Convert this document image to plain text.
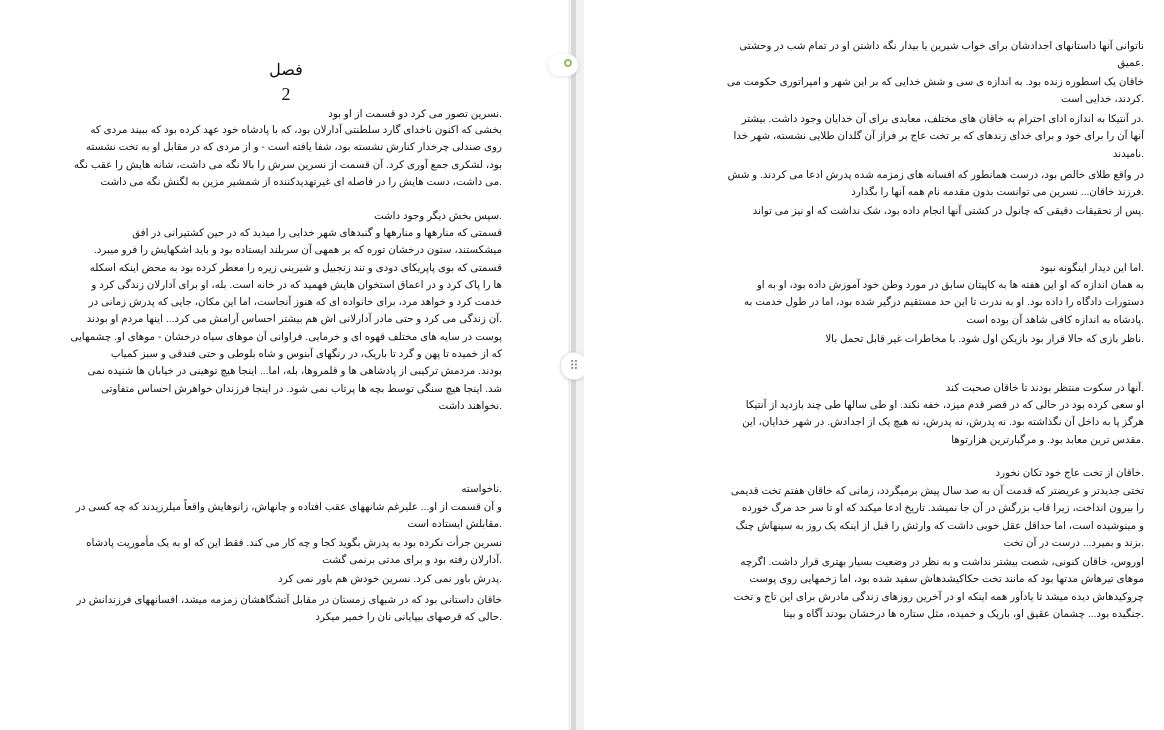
فصل
2
.نسرین تصور می کرد دو قسمت از او بود
بخشی که اکنون ناخدای گارد سلطنتی آدارلان بود، که با پادشاه خود عهد کرده بود که ببیند مردی که
روی صندلی چرخدار کنارش نشسته بود، شفا یافته است - و از مردی که در مقابل او به تخت نشسته
بود، لشکری جمع آوری کرد. آن قسمت از نسرین سرش را بالا نگه می داشت، شانه هایش را عقب نگه
.می داشت، دست هایش را در فاصله ای غیرتهدیدکننده از شمشیر مزین به لگنش نگه می داشت
.سپس بخش دیگر وجود داشت
قسمتی که منارهها و منارهها و گنبدهای شهر خدایی را میدید که در حین کشتیرانی در افق
میشکستند، ستون درخشان توره که بر همهی آن سربلند ایستاده بود و باید اشکهایش را فرو میبرد.
قسمتی که بوی پاپریکای دودی و تند زنجبیل و شیرینی زیره را معطر کرده بود به محض اینکه اسکله
ها را پاک کرد و در اعماق استخوان هایش فهمید که در خانه است. بله، او برای آدارلان زندگی کرد و
خدمت کرد و خواهد مرد، برای خانواده ای که هنوز آنجاست، اما این مکان، جایی که پدرش زمانی در
.آن زندگی می کرد و حتی مادر آدارلانی اش هم بیشتر احساس آرامش می کرد... اینها مردم او بودند
پوست در سایه های مختلف قهوه ای و خرمایی. فراوانی آن موهای سیاه درخشان - موهای او. چشمهایی
که از خمیده تا پهن و گرد تا باریک، در رنگهای آبنوس و شاه بلوطی و حتی فندقی و سبز کمیاب
بودند. مردمش ترکیبی از پادشاهی ها و قلمروها، بله، اما... اینجا هیچ توهینی در خیابان ها شنیده نمی
شد. اینجا هیچ سنگی توسط بچه ها پرتاب نمی شود. در اینجا فرزندان خواهرش احساس متفاوتی
.نخواهند داشت
.ناخواسته
و آن قسمت از او... علیرغم شانههای عقب افتاده و چانهاش، زانوهایش واقعاً میلرزیدند که چه کسی در
.مقابلش ایستاده است
نسرین جرأت نکرده بود به پدرش بگوید کجا و چه کار می کند. فقط این که او به یک مأموریت پادشاه
.آدارلان رفته بود و برای مدتی برنمی گشت
.پدرش باور نمی کرد. نسرین خودش هم باور نمی کرد
خاقان داستانی بود که در شبهای زمستان در مقابل آتشگاهشان زمزمه میشد، افسانههای فرزندانش در
.حالی که قرصهای بیپایانی نان را خمیر میکرد
⠿
ناتوانی آنها داستانهای اجدادشان برای خواب شیرین یا بیدار نگه داشتن او در تمام شب در وحشتی
.عمیق
خاقان یک اسطوره زنده بود. به اندازه ی سی و شش خدایی که بر این شهر و امپراتوری حکومت می
.کردند، خدایی است
.در آنتیکا به اندازه ادای احترام به خاقان های مختلف، معابدی برای آن خدایان وجود داشت. بیشتر
آنها آن را برای خود و برای خدای زندهای که بر تخت عاج بر فراز آن گلدان طلایی نشسته، شهر خدا
.نامیدند
در واقع طلای خالص بود، درست همانطور که افسانه های زمزمه شده پدرش ادعا می کردند. و شش
.فرزند خاقان... نسرین می توانست بدون مقدمه نام همه آنها را بگذارد
.پس از تحقیقات دقیقی که چانول در کشتی آنها انجام داده بود، شک نداشت که او نیز می تواند
.اما این دیدار اینگونه نبود
به همان اندازه که او این هفته ها به کاپیتان سابق در مورد وطن خود آموزش داده بود، او به او
دستورات دادگاه را داده بود. او به ندرت تا این حد مستقیم درگیر شده بود، اما در طول خدمت به
.پادشاه به اندازه کافی شاهد آن بوده است
.ناظر بازی که حالا قرار بود بازیکن اول شود. با مخاطرات غیر قابل تحمل بالا
.آنها در سکوت منتظر بودند تا خاقان صحبت کند
او سعی کرده بود در حالی که در قصر قدم میزد، خفه نکند. او طی سالها طی چند بازدید از آنتیکا
هرگز پا به داخل آن نگذاشته بود. نه پدرش، نه پدرش، نه هیچ یک از اجدادش. در شهر خدایان، این
.مقدس ترین معابد بود. و مرگبارترین هزارتوها
.خاقان از تخت عاج خود تکان نخورد
تختی جدیدتر و عریضتر که قدمت آن به صد سال پیش برمیگردد، زمانی که خاقان هفتم تخت قدیمی
را بیرون انداخت، زیرا قاب بزرگش در آن جا نمیشد. تاریخ ادعا میکند که او تا سر حد مرگ خورده
و مینوشیده است، اما حداقل عقل خوبی داشت که وارثش را قبل از اینکه یک روز به سینهاش چنگ
.بزند و بمیرد... درست در آن تخت
اوروس، خاقان کنونی، شصت بیشتر نداشت و به نظر در وضعیت بسیار بهتری قرار داشت. اگرچه
موهای تیرهاش مدتها بود که مانند تخت حکاکیشدهاش سفید شده بود، اما زخمهایی روی پوست
چروکیدهاش دیده میشد تا یادآور همه اینکه او در آخرین روزهای زندگی مادرش برای این تاج و تخت
.جنگیده بود... چشمان عقیق او، باریک و خمیده، مثل ستاره ها درخشان بودند آگاه و بینا
